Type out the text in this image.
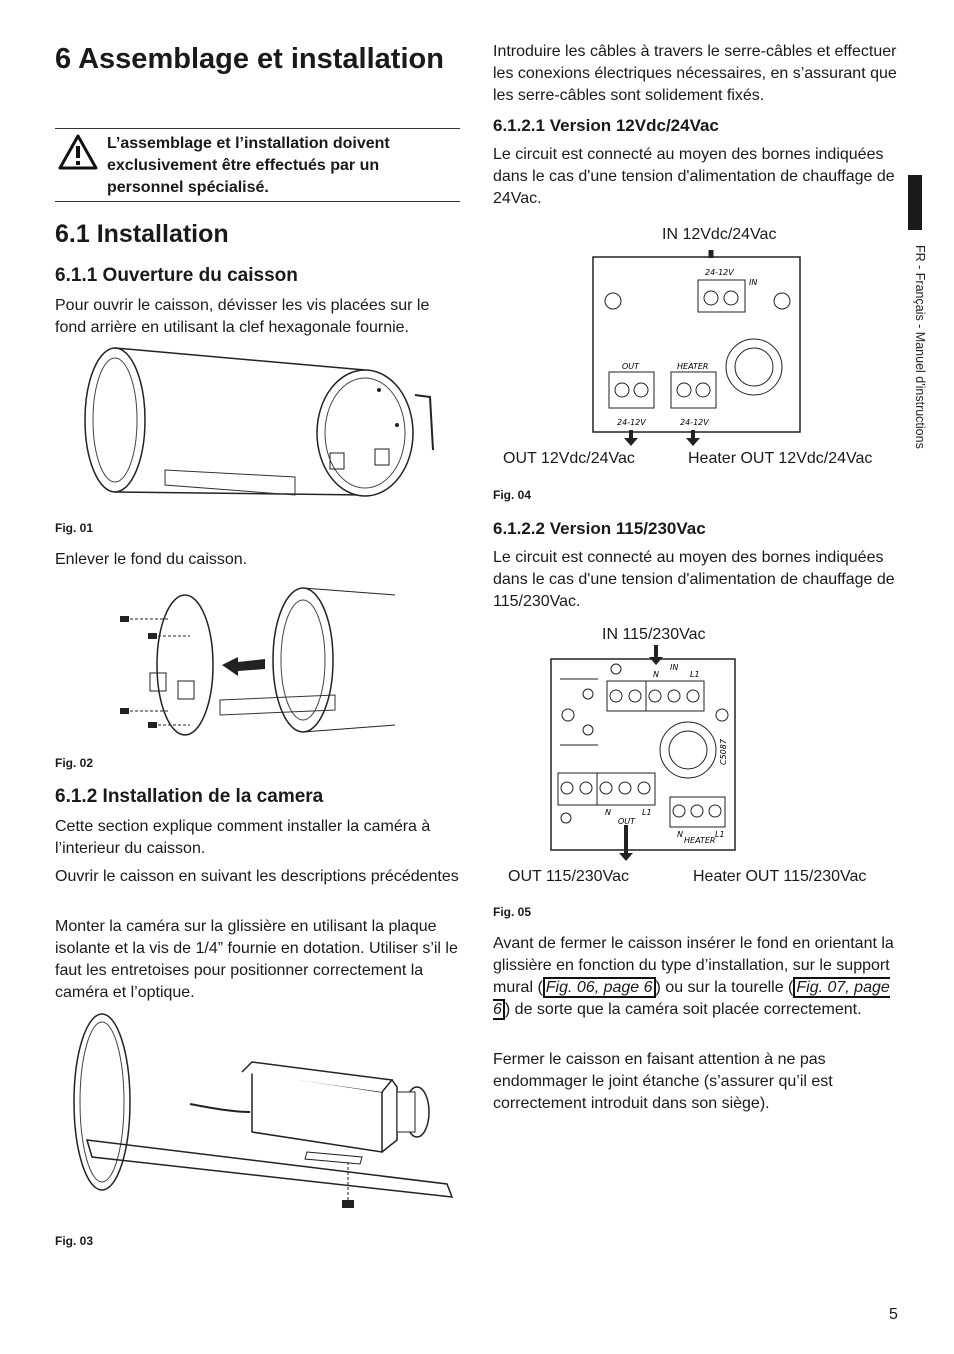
6 Assemblage et installation
L’assemblage et l’installation doivent exclusivement être effectués par un personnel spécialisé.
6.1 Installation
6.1.1 Ouverture du caisson

Pour ouvrir le caisson, dévisser les vis placées sur le fond arrière en utilisant la clef hexagonale fournie.

Fig. 01

Enlever le fond du caisson.

Fig. 02
6.1.2 Installation de la camera

Cette section explique comment installer la caméra à l’interieur du caisson.

Ouvrir le caisson en suivant les descriptions précédentes

Monter la caméra sur la glissière en utilisant la plaque isolante et la vis de 1/4” fournie en dotation. Utiliser s’il le faut les entretoises pour positionner correctement la caméra et l’optique.

Fig. 03

Introduire les câbles à travers le serre-câbles et effectuer les conexions électriques nécessaires, en s’assurant que les serre-câbles sont solidement fixés.

6.1.2.1 Version 12Vdc/24Vac

Le circuit est connecté au moyen des bornes indiquées dans le cas d'une tension d'alimentation de chauffage de 24Vac.

IN 12Vdc/24Vac
24-12V
IN
OUT	HEATER
24-12V	24-12V
OUT 12Vdc/24Vac	Heater OUT 12Vdc/24Vac
Fig. 04
6.1.2.2 Version 115/230Vac

Le circuit est connecté au moyen des bornes indiquées dans le cas d'une tension d'alimentation de chauffage de 115/230Vac.

IN 115/230Vac
IN
N	L1
N	L1
OUT
N
HEATER
L1
C5087
OUT 115/230Vac	Heater OUT 115/230Vac
Fig. 05

Avant de fermer le caisson insérer le fond en orientant la glissière en fonction du type d’installation, sur le support mural ( Fig. 06, page 6 ) ou sur la tourelle ( Fig. 07, page 6 ) de sorte que la caméra soit placée correctement.

Fermer le caisson en faisant attention à ne pas endommager le joint étanche (s’assurer qu’il est correctement introduit dans son siège).

FR - Français - Manuel d'instructions
5
